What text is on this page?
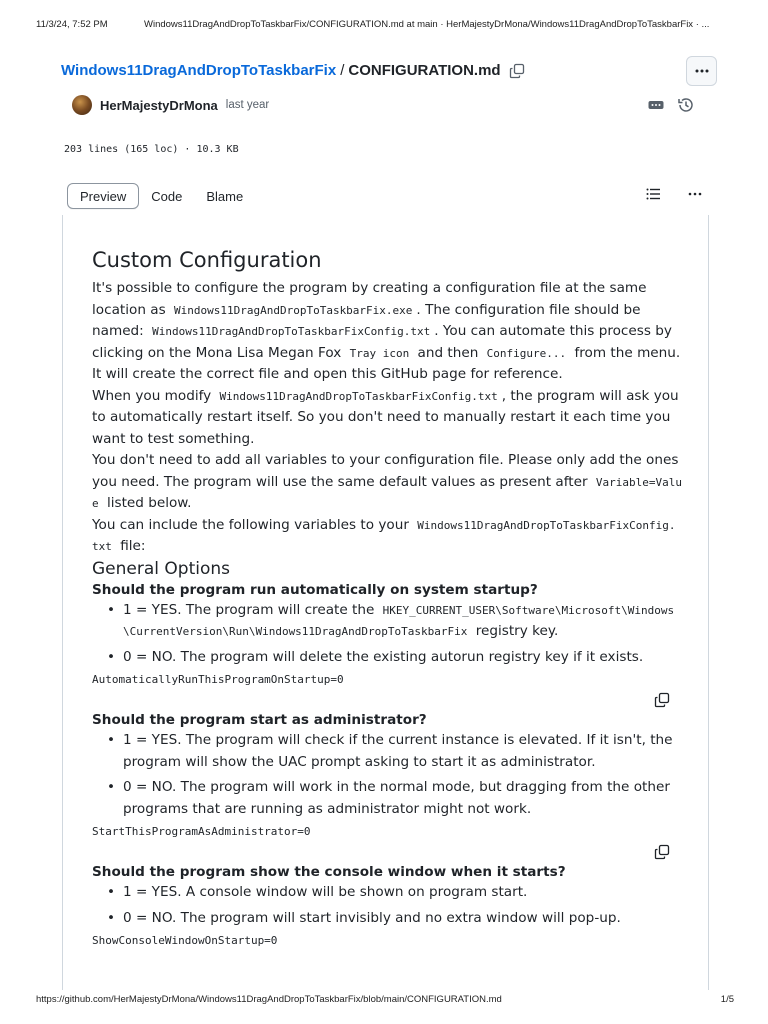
11/3/24, 7:52 PM	Windows11DragAndDropToTaskbarFix/CONFIGURATION.md at main · HerMajestyDrMona/Windows11DragAndDropToTaskbarFix · ...
Windows11DragAndDropToTaskbarFix / CONFIGURATION.md
HerMajestyDrMona last year
203 lines (165 loc) · 10.3 KB
Preview	Code	Blame
Custom Configuration

It's possible to configure the program by creating a configuration file at the same location as Windows11DragAndDropToTaskbarFix.exe . The configuration file should be named: Windows11DragAndDropToTaskbarFixConfig.txt . You can automate this process by clicking on the Mona Lisa Megan Fox Tray icon and then Configure... from the menu. It will create the correct file and open this GitHub page for reference.

When you modify Windows11DragAndDropToTaskbarFixConfig.txt , the program will ask you to automatically restart itself. So you don't need to manually restart it each time you want to test something.

You don't need to add all variables to your configuration file. Please only add the ones you need. The program will use the same default values as present after Variable=Value listed below.

You can include the following variables to your Windows11DragAndDropToTaskbarFixConfig.txt file:

General Options
Should the program run automatically on system startup?
• 1 = YES. The program will create the HKEY_CURRENT_USER\Software\Microsoft\Windows\CurrentVersion\Run\Windows11DragAndDropToTaskbarFix registry key.
• 0 = NO. The program will delete the existing autorun registry key if it exists.
AutomaticallyRunThisProgramOnStartup=0
Should the program start as administrator?
• 1 = YES. The program will check if the current instance is elevated. If it isn't, the program will show the UAC prompt asking to start it as administrator.
• 0 = NO. The program will work in the normal mode, but dragging from the other programs that are running as administrator might not work.
StartThisProgramAsAdministrator=0
Should the program show the console window when it starts?
• 1 = YES. A console window will be shown on program start.
• 0 = NO. The program will start invisibly and no extra window will pop-up.
ShowConsoleWindowOnStartup=0
https://github.com/HerMajestyDrMona/Windows11DragAndDropToTaskbarFix/blob/main/CONFIGURATION.md	1/5
